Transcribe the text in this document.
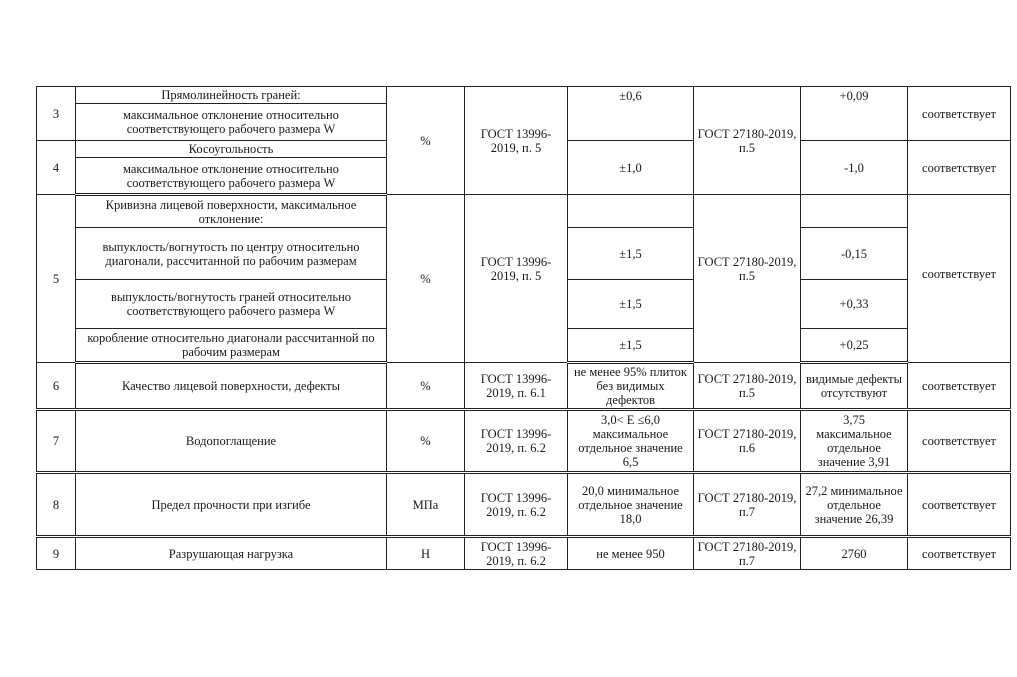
3	Прямолинейность граней:	%	ГОСТ 13996-2019, п. 5	±0,6	ГОСТ 27180-2019, п.5	+0,09	соответствует
	максимальное отклонение относительно соответствующего рабочего размера W						
4	Косоугольность			±1,0		-1,0	соответствует
	максимальное отклонение относительно соответствующего рабочего размера W						
5	Кривизна лицевой поверхности, максимальное отклонение:	%	ГОСТ 13996-2019, п. 5		ГОСТ 27180-2019, п.5		соответствует
	выпуклость/вогнутость по центру относительно диагонали, рассчитанной по рабочим размерам			±1,5		-0,15	
	выпуклость/вогнутость граней относительно соответствующего рабочего размера W			±1,5		+0,33	
	коробление относительно диагонали рассчитанной по рабочим размерам			±1,5		+0,25	
6	Качество лицевой поверхности, дефекты	%	ГОСТ 13996-2019, п. 6.1	не менее 95% плиток без видимых дефектов	ГОСТ 27180-2019, п.5	видимые дефекты отсутствуют	соответствует
7	Водопоглащение	%	ГОСТ 13996-2019, п. 6.2	3,0< Е ≤6,0 максимальное отдельное значение 6,5	ГОСТ 27180-2019, п.6	3,75 максимальное отдельное значение 3,91	соответствует
8	Предел прочности при изгибе	МПа	ГОСТ 13996-2019, п. 6.2	20,0 минимальное отдельное значение 18,0	ГОСТ 27180-2019, п.7	27,2 минимальное отдельное значение 26,39	соответствует
9	Разрушающая нагрузка	Н	ГОСТ 13996-2019, п. 6.2	не менее 950	ГОСТ 27180-2019, п.7	2760	соответствует
